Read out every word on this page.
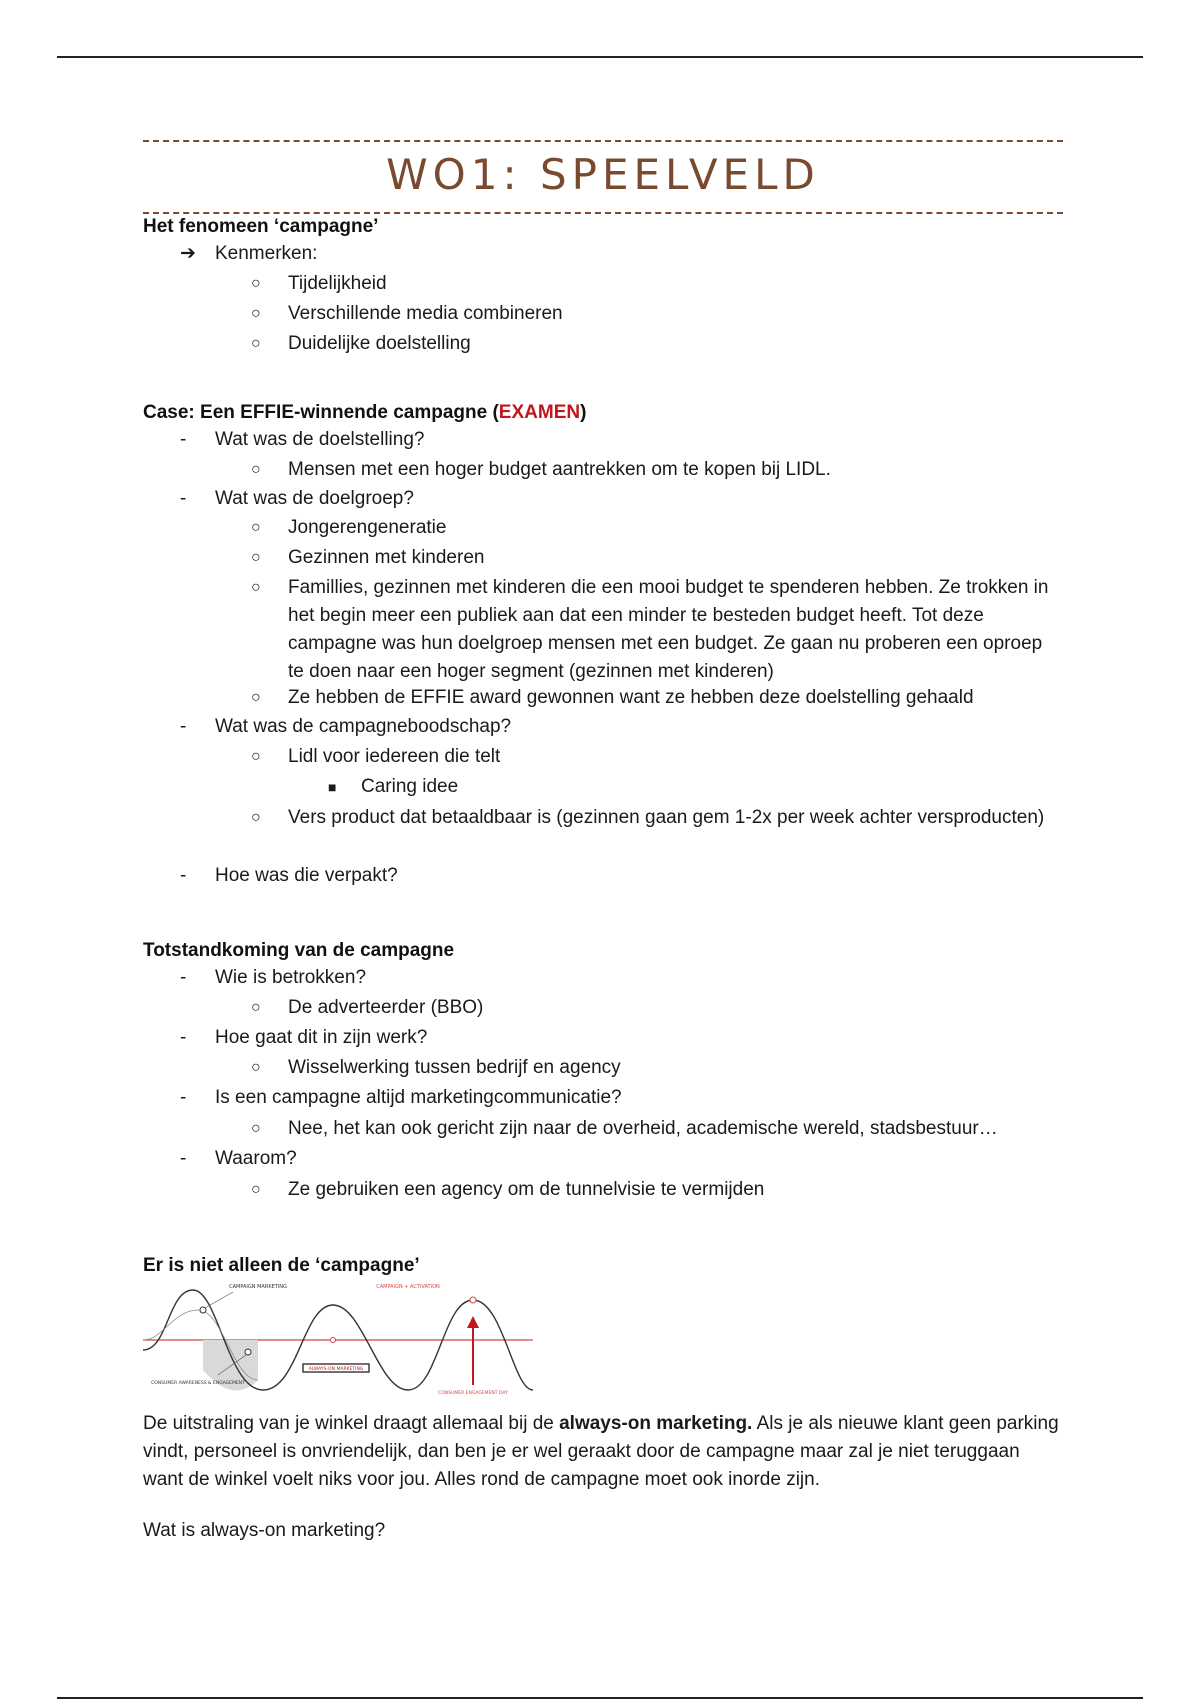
WO1: SPEELVELD
Het fenomeen ‘campagne’
➔ Kenmerken:
○ Tijdelijkheid
○ Verschillende media combineren
○ Duidelijke doelstelling
Case: Een EFFIE-winnende campagne (EXAMEN)
- Wat was de doelstelling?
○ Mensen met een hoger budget aantrekken om te kopen bij LIDL.
- Wat was de doelgroep?
○ Jongerengeneratie
○ Gezinnen met kinderen
○ Famillies, gezinnen met kinderen die een mooi budget te spenderen hebben. Ze trokken in het begin meer een publiek aan dat een minder te besteden budget heeft. Tot deze campagne was hun doelgroep mensen met een budget. Ze gaan nu proberen een oproep te doen naar een hoger segment (gezinnen met kinderen)
○ Ze hebben de EFFIE award gewonnen want ze hebben deze doelstelling gehaald
- Wat was de campagneboodschap?
○ Lidl voor iedereen die telt
■ Caring idee
○ Vers product dat betaaldbaar is (gezinnen gaan gem 1-2x per week achter versproducten)
- Hoe was die verpakt?
Totstandkoming van de campagne
- Wie is betrokken?
○ De adverteerder (BBO)
- Hoe gaat dit in zijn werk?
○ Wisselwerking tussen bedrijf en agency
- Is een campagne altijd marketingcommunicatie?
○ Nee, het kan ook gericht zijn naar de overheid, academische wereld, stadsbestuur…
- Waarom?
○ Ze gebruiken een agency om de tunnelvisie te vermijden
Er is niet alleen de ‘campagne’
CAMPAIGN MARKETING
CONSUMER AWARENESS & ENGAGEMENT
ALWAYS-ON MARKETING
CAMPAIGN + ACTIVATION
CONSUMER ENGAGEMENT DAY
De uitstraling van je winkel draagt allemaal bij de always-on marketing. Als je als nieuwe klant geen parking vindt, personeel is onvriendelijk, dan ben je er wel geraakt door de campagne maar zal je niet teruggaan want de winkel voelt niks voor jou. Alles rond de campagne moet ook inorde zijn.
Wat is always-on marketing?
